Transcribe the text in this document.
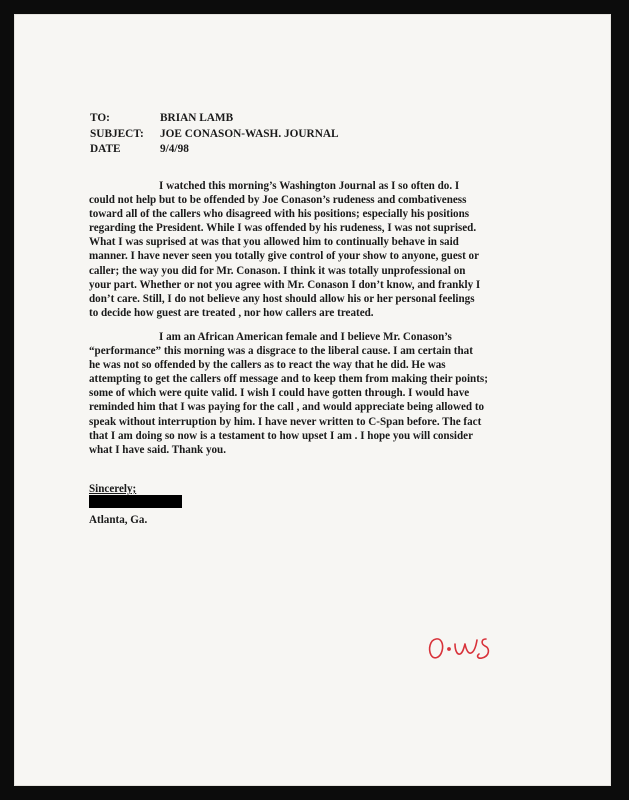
TO:	BRIAN LAMB
SUBJECT:	JOE CONASON-WASH. JOURNAL
DATE	9/4/98

I watched this morning’s Washington Journal as I so often do. I
could not help but to be offended by Joe Conason’s rudeness and combativeness
toward all of the callers who disagreed with his positions; especially his positions
regarding the President. While I was offended by his rudeness, I was not suprised.
What I was suprised at was that you allowed him to continually behave in said
manner. I have never seen you totally give control of your show to anyone, guest or
caller; the way you did for Mr. Conason. I think it was totally unprofessional on
your part. Whether or not you agree with Mr. Conason I don’t know, and frankly I
don’t care. Still, I do not believe any host should allow his or her personal feelings
to decide how guest are treated , nor how callers are treated.

I am an African American female and I believe Mr. Conason’s
“performance” this morning was a disgrace to the liberal cause. I am certain that
he was not so offended by the callers as to react the way that he did. He was
attempting to get the callers off message and to keep them from making their points;
some of which were quite valid. I wish I could have gotten through. I would have
reminded him that I was paying for the call , and would appreciate being allowed to
speak without interruption by him. I have never written to C-Span before. The fact
that I am doing so now is a testament to how upset I am . I hope you will consider
what I have said. Thank you.

Sincerely;
Atlanta, Ga.
